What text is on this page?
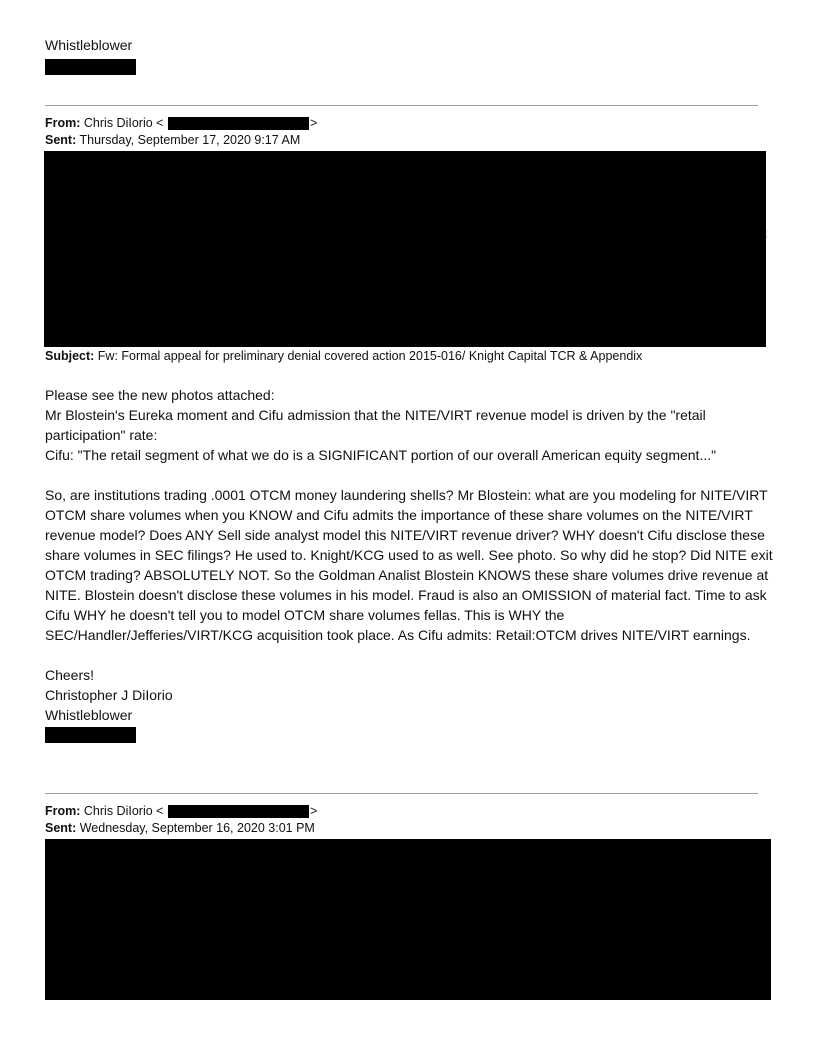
Whistleblower
From: Chris DiIorio <	>
Sent: Thursday, September 17, 2020 9:17 AM
;
Subject: Fw: Formal appeal for preliminary denial covered action 2015-016/ Knight Capital TCR & Appendix

Please see the new photos attached:

Mr Blostein's Eureka moment and Cifu admission that the NITE/VIRT revenue model is driven by the "retail participation" rate:

Cifu: "The retail segment of what we do is a SIGNIFICANT portion of our overall American equity segment..."

So, are institutions trading .0001 OTCM money laundering shells? Mr Blostein: what are you modeling for NITE/VIRT OTCM share volumes when you KNOW and Cifu admits the importance of these share volumes on the NITE/VIRT revenue model? Does ANY Sell side analyst model this NITE/VIRT revenue driver? WHY doesn't Cifu disclose these share volumes in SEC filings? He used to. Knight/KCG used to as well. See photo. So why did he stop? Did NITE exit OTCM trading? ABSOLUTELY NOT. So the Goldman Analist Blostein KNOWS these share volumes drive revenue at NITE. Blostein doesn't disclose these volumes in his model. Fraud is also an OMISSION of material fact. Time to ask Cifu WHY he doesn't tell you to model OTCM share volumes fellas. This is WHY the SEC/Handler/Jefferies/VIRT/KCG acquisition took place. As Cifu admits: Retail:OTCM drives NITE/VIRT earnings.

Cheers!

Christopher J DiIorio

Whistleblower

From: Chris DiIorio <	>
Sent: Wednesday, September 16, 2020 3:01 PM
